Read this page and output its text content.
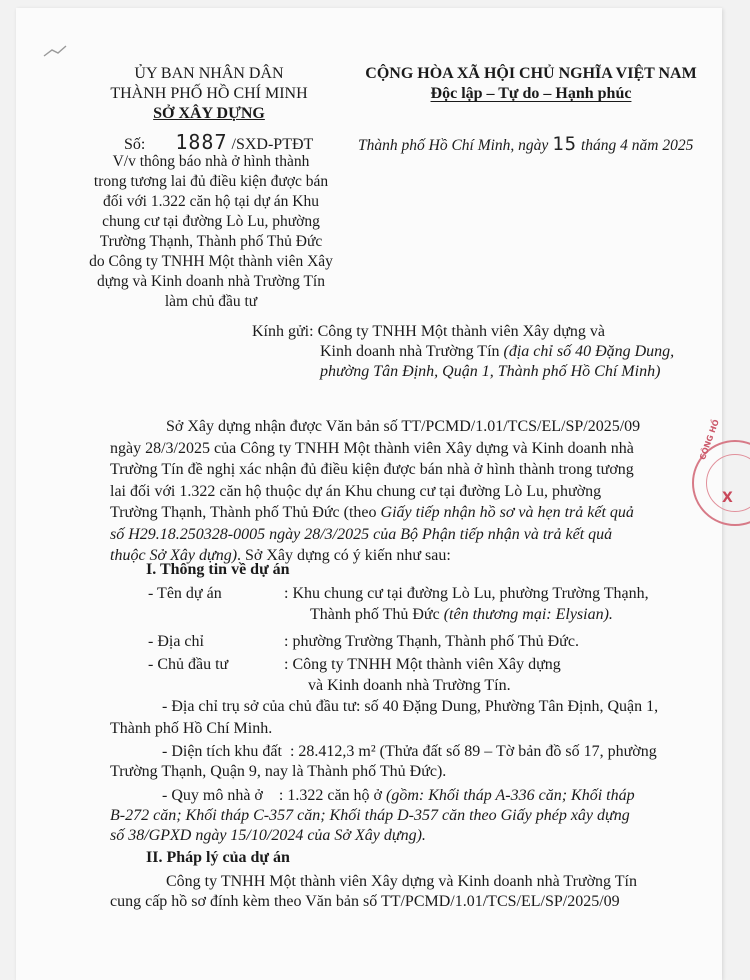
ỦY BAN NHÂN DÂN
THÀNH PHỐ HỒ CHÍ MINH
SỞ XÂY DỰNG
CỘNG HÒA XÃ HỘI CHỦ NGHĨA VIỆT NAM
Độc lập – Tự do – Hạnh phúc
Số: 1887 /SXD-PTĐT	Thành phố Hồ Chí Minh, ngày 15 tháng 4 năm 2025
V/v thông báo nhà ở hình thành
trong tương lai đủ điều kiện được bán
đối với 1.322 căn hộ tại dự án Khu
chung cư tại đường Lò Lu, phường
Trường Thạnh, Thành phố Thủ Đức
do Công ty TNHH Một thành viên Xây
dựng và Kinh doanh nhà Trường Tín
làm chủ đầu tư
Kính gửi: Công ty TNHH Một thành viên Xây dựng và
Kinh doanh nhà Trường Tín (địa chỉ số 40 Đặng Dung,
phường Tân Định, Quận 1, Thành phố Hồ Chí Minh)
Sở Xây dựng nhận được Văn bản số TT/PCMD/1.01/TCS/EL/SP/2025/09
ngày 28/3/2025 của Công ty TNHH Một thành viên Xây dựng và Kinh doanh nhà
Trường Tín đề nghị xác nhận đủ điều kiện được bán nhà ở hình thành trong tương
lai đối với 1.322 căn hộ thuộc dự án Khu chung cư tại đường Lò Lu, phường
Trường Thạnh, Thành phố Thủ Đức (theo Giấy tiếp nhận hồ sơ và hẹn trả kết quả
số H29.18.250328-0005 ngày 28/3/2025 của Bộ Phận tiếp nhận và trả kết quả
thuộc Sở Xây dựng). Sở Xây dựng có ý kiến như sau:
I. Thông tin về dự án
- Tên dự án	: Khu chung cư tại đường Lò Lu, phường Trường Thạnh,
Thành phố Thủ Đức (tên thương mại: Elysian).
- Địa chỉ	: phường Trường Thạnh, Thành phố Thủ Đức.
- Chủ đầu tư	: Công ty TNHH Một thành viên Xây dựng
và Kinh doanh nhà Trường Tín.
- Địa chỉ trụ sở của chủ đầu tư: số 40 Đặng Dung, Phường Tân Định, Quận 1,
Thành phố Hồ Chí Minh.
- Diện tích khu đất : 28.412,3 m² (Thửa đất số 89 – Tờ bản đồ số 17, phường
Trường Thạnh, Quận 9, nay là Thành phố Thủ Đức).
- Quy mô nhà ở : 1.322 căn hộ ở (gồm: Khối tháp A-336 căn; Khối tháp
B-272 căn; Khối tháp C-357 căn; Khối tháp D-357 căn theo Giấy phép xây dựng
số 38/GPXD ngày 15/10/2024 của Sở Xây dựng).
II. Pháp lý của dự án
Công ty TNHH Một thành viên Xây dựng và Kinh doanh nhà Trường Tín
cung cấp hồ sơ đính kèm theo Văn bản số TT/PCMD/1.01/TCS/EL/SP/2025/09
CÔNG HỒ
X
